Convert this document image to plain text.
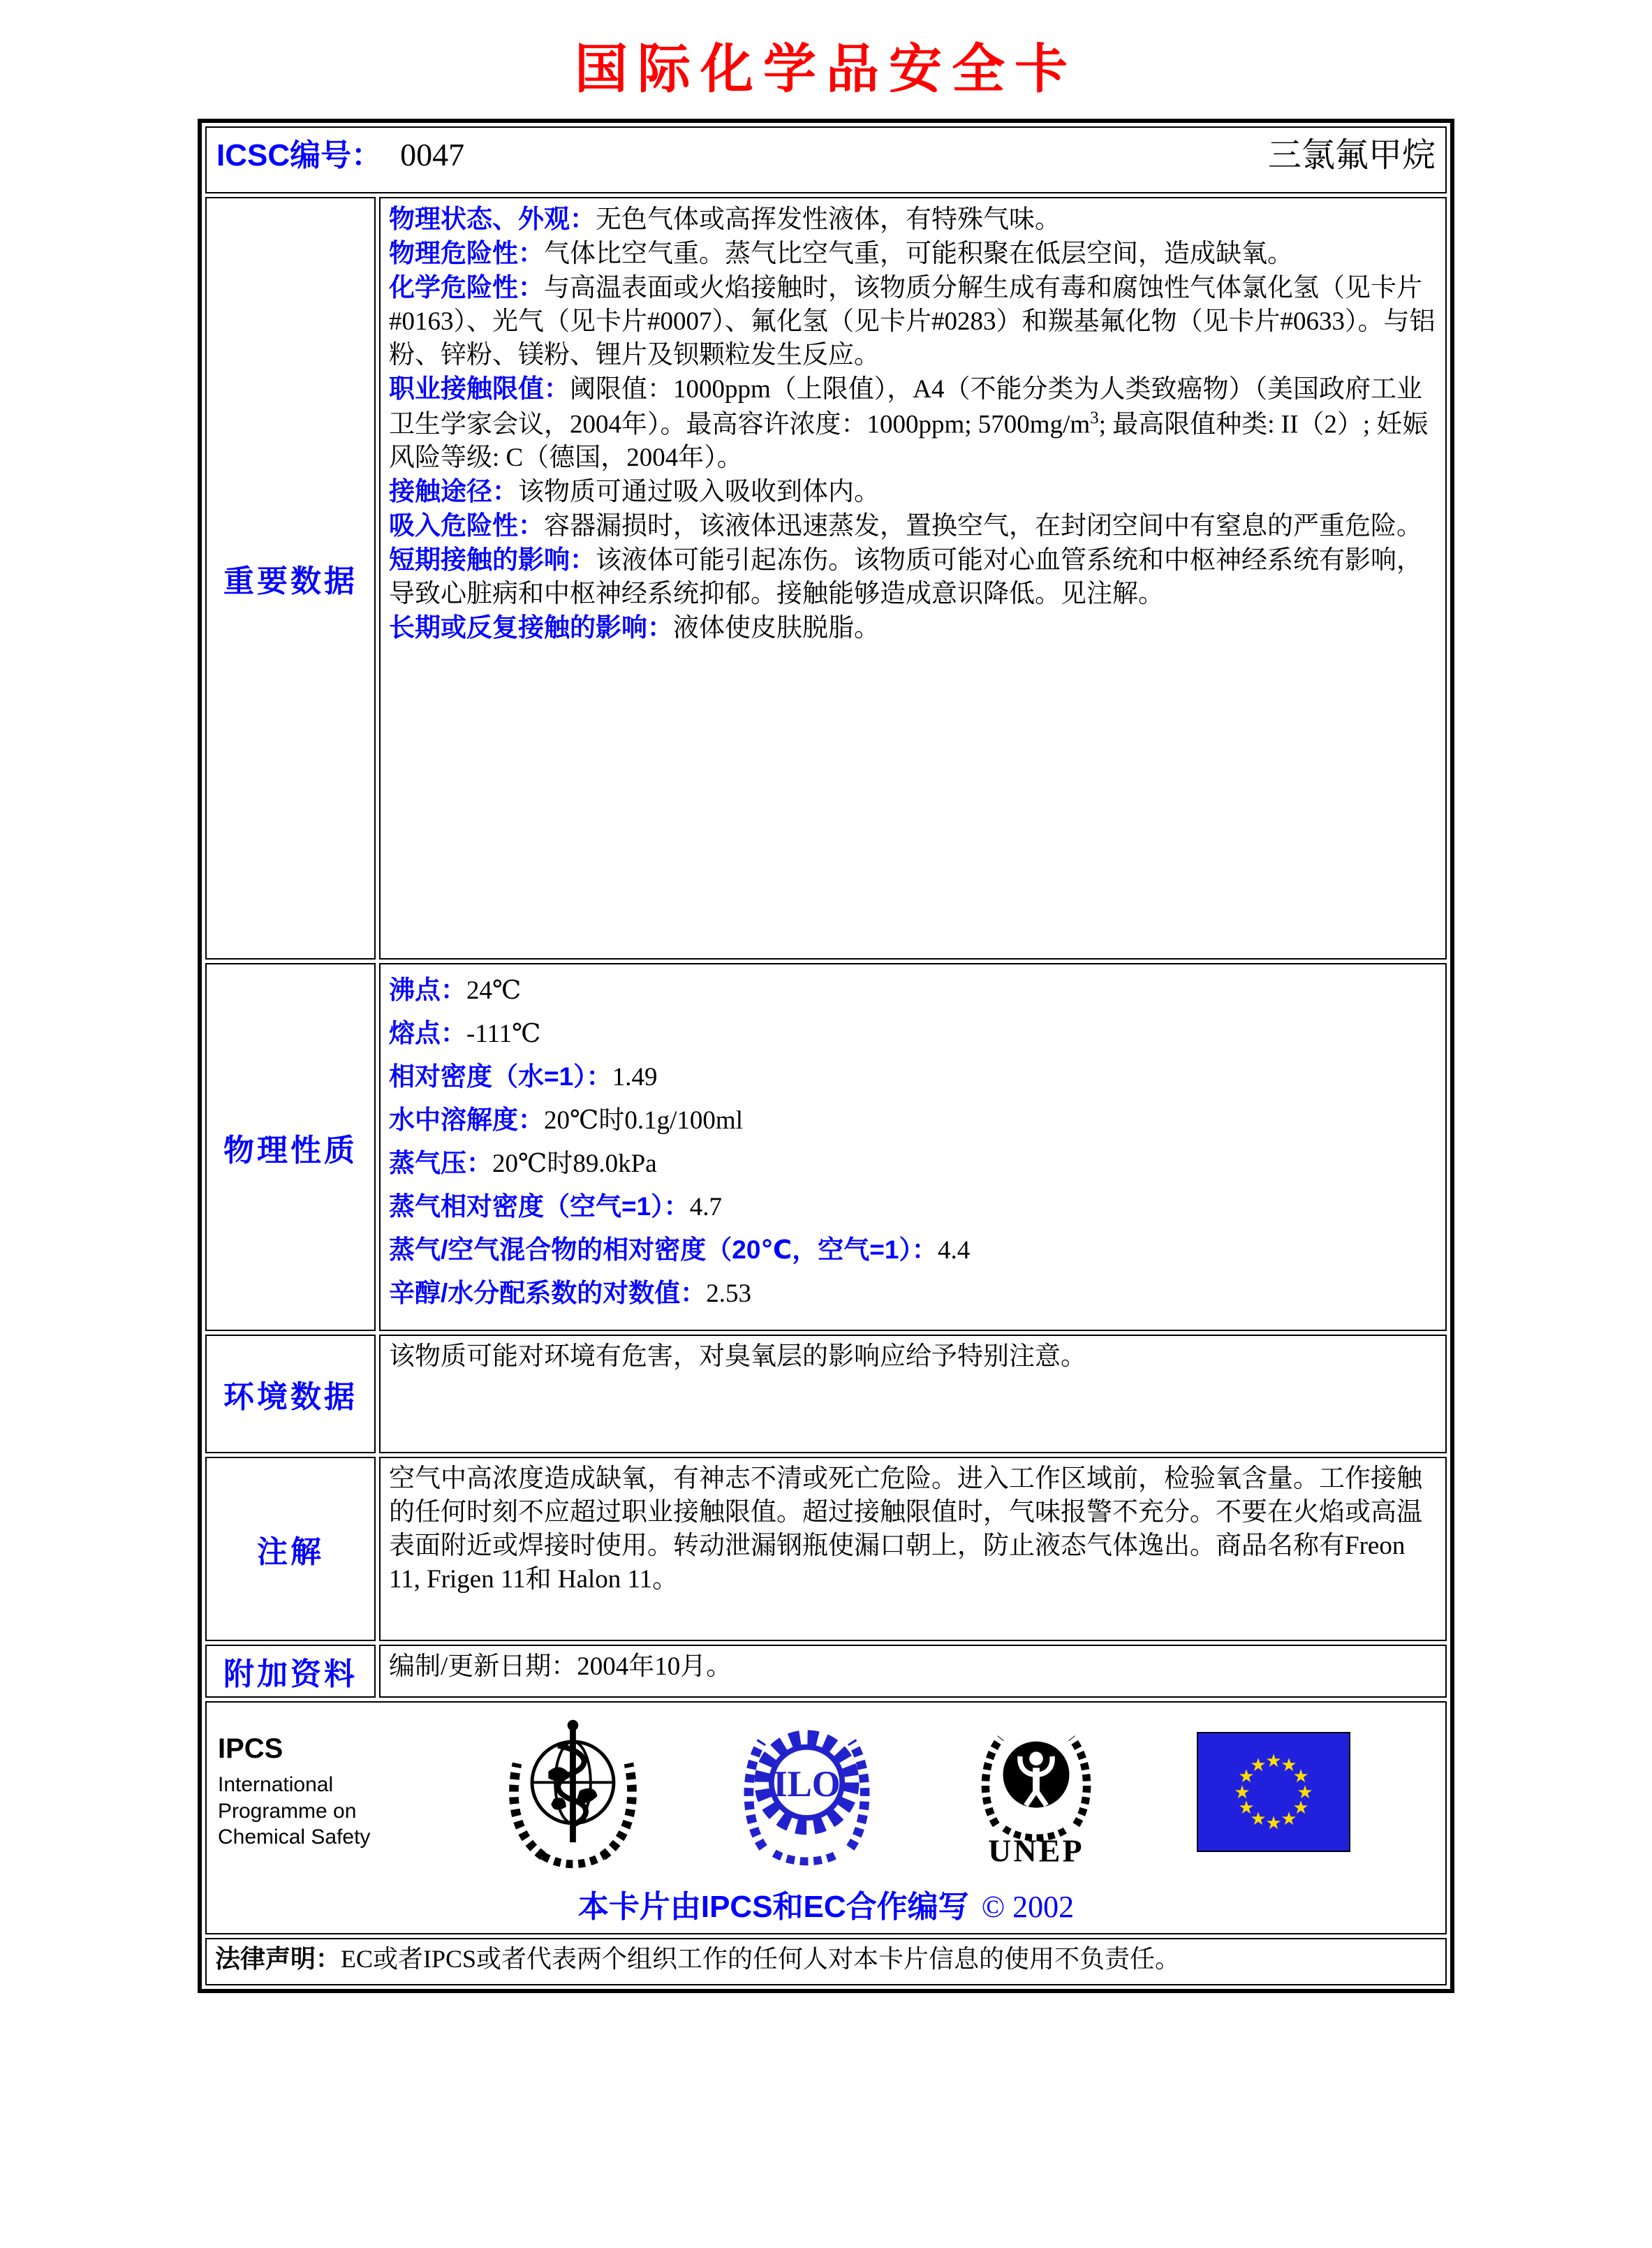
国际化学品安全卡
ICSC编号： 0047 三氯氟甲烷	

重要数据	
物理状态、外观：无色气体或高挥发性液体，有特殊气味。
物理危险性：气体比空气重。蒸气比空气重，可能积聚在低层空间，造成缺氧。
化学危险性：与高温表面或火焰接触时，该物质分解生成有毒和腐蚀性气体氯化氢（见卡片#0163）、光气（见卡片#0007）、氟化氢（见卡片#0283）和羰基氟化物（见卡片#0633）。与铝粉、锌粉、镁粉、锂片及钡颗粒发生反应。
职业接触限值：阈限值：1000ppm（上限值），A4（不能分类为人类致癌物）（美国政府工业卫生学家会议，2004年）。最高容许浓度：1000ppm; $5700mg/m^3$; 最高限值种类: II（2）; 妊娠风险等级: C（德国，2004年）。
接触途径：该物质可通过吸入吸收到体内。
吸入危险性：容器漏损时，该液体迅速蒸发，置换空气，在封闭空间中有窒息的严重危险。
短期接触的影响：该液体可能引起冻伤。该物质可能对心血管系统和中枢神经系统有影响，导致心脏病和中枢神经系统抑郁。接触能够造成意识降低。见注解。
长期或反复接触的影响：液体使皮肤脱脂。

物理性质	
沸点：24℃
熔点：-111℃
相对密度（水=1）：1.49
水中溶解度：20℃时0.1g/100ml
蒸气压：20℃时89.0kPa
蒸气相对密度（空气=1）：4.7
蒸气/空气混合物的相对密度（20℃，空气=1）：4.4
辛醇/水分配系数的对数值：2.53

环境数据	该物质可能对环境有危害，对臭氧层的影响应给予特别注意。

注解	空气中高浓度造成缺氧，有神志不清或死亡危险。进入工作区域前，检验氧含量。工作接触的任何时刻不应超过职业接触限值。超过接触限值时，气味报警不充分。不要在火焰或高温表面附近或焊接时使用。转动泄漏钢瓶使漏口朝上，防止液态气体逸出。商品名称有Freon 11, Frigen 11和 Halon 11。

附加资料	编制/更新日期：2004年10月。

IPCS
International
Programme on
Chemical Safety
ILO
UNEP
★
★
★
★
★
★
★
★
★
★
★
★
本卡片由IPCS和EC合作编写 © 2002

法律声明：EC或者IPCS或者代表两个组织工作的任何人对本卡片信息的使用不负责任。	
